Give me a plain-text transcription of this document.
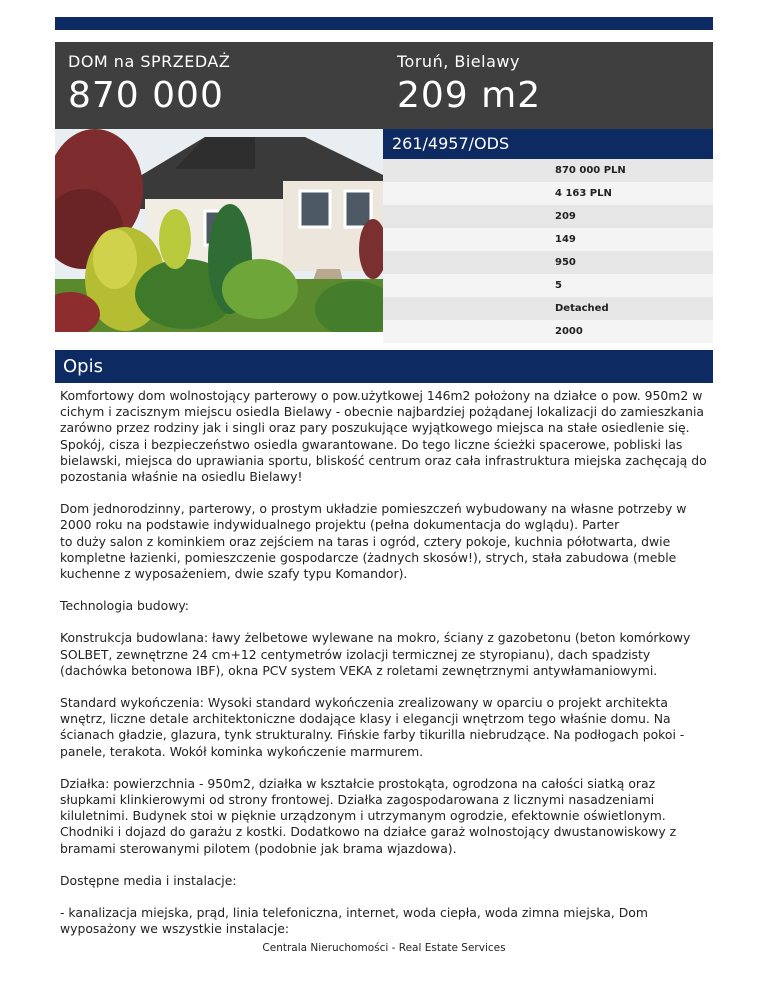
DOM na SPRZEDAŻ
870 000
Toruń, Bielawy
209 m2
261/4957/ODS
870 000 PLN
4 163 PLN
209
149
950
5
Detached
2000
Opis

Komfortowy dom wolnostojący parterowy o pow.użytkowej 146m2 położony na działce o pow. 950m2 w cichym i zacisznym miejscu osiedla Bielawy - obecnie najbardziej pożądanej lokalizacji do zamieszkania zarówno przez rodziny jak i singli oraz pary poszukujące wyjątkowego miejsca na stałe osiedlenie się. Spokój, cisza i bezpieczeństwo osiedla gwarantowane. Do tego liczne ścieżki spacerowe, pobliski las bielawski, miejsca do uprawiania sportu, bliskość centrum oraz cała infrastruktura miejska zachęcają do pozostania właśnie na osiedlu Bielawy!

Dom jednorodzinny, parterowy, o prostym układzie pomieszczeń wybudowany na własne potrzeby w 2000 roku na podstawie indywidualnego projektu (pełna dokumentacja do wglądu). Parter
to duży salon z kominkiem oraz zejściem na taras i ogród, cztery pokoje, kuchnia półotwarta, dwie kompletne łazienki, pomieszczenie gospodarcze (żadnych skosów!), strych, stała zabudowa (meble kuchenne z wyposażeniem, dwie szafy typu Komandor).

Technologia budowy:

Konstrukcja budowlana: ławy żelbetowe wylewane na mokro, ściany z gazobetonu (beton komórkowy SOLBET, zewnętrzne 24 cm+12 centymetrów izolacji termicznej ze styropianu), dach spadzisty (dachówka betonowa IBF), okna PCV system VEKA z roletami zewnętrznymi antywłamaniowymi.

Standard wykończenia: Wysoki standard wykończenia zrealizowany w oparciu o projekt architekta wnętrz, liczne detale architektoniczne dodające klasy i elegancji wnętrzom tego właśnie domu. Na ścianach gładzie, glazura, tynk strukturalny. Fińskie farby tikurilla niebrudzące. Na podłogach pokoi - panele, terakota. Wokół kominka wykończenie marmurem.

Działka: powierzchnia - 950m2, działka w kształcie prostokąta, ogrodzona na całości siatką oraz słupkami klinkierowymi od strony frontowej. Działka zagospodarowana z licznymi nasadzeniami kiluletnimi. Budynek stoi w pięknie urządzonym i utrzymanym ogrodzie, efektownie oświetlonym. Chodniki i dojazd do garażu z kostki. Dodatkowo na działce garaż wolnostojący dwustanowiskowy z bramami sterowanymi pilotem (podobnie jak brama wjazdowa).

Dostępne media i instalacje:

- kanalizacja miejska, prąd, linia telefoniczna, internet, woda ciepła, woda zimna miejska, Dom wyposażony we wszystkie instalacje:

Centrala Nieruchomości - Real Estate Services
